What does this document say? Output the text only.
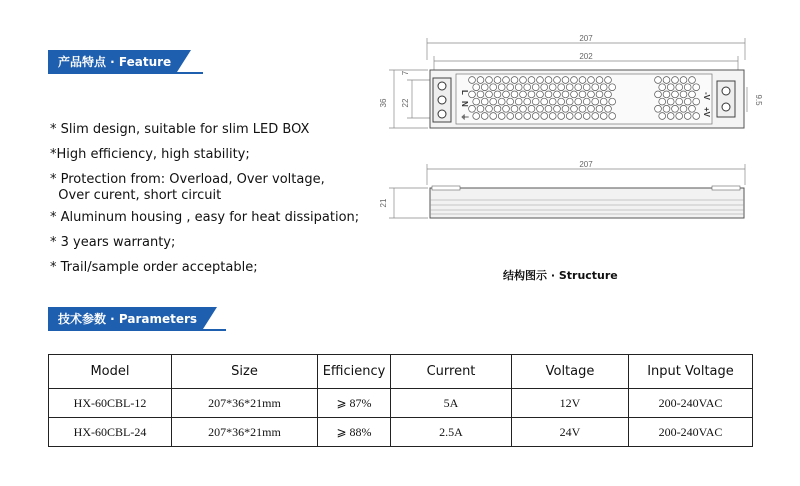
产品特点 · Feature
* Slim design, suitable for slim LED BOX
*High efficiency, high stability;
* Protection from: Overload, Over voltage,
Over curent, short circuit
* Aluminum housing , easy for heat dissipation;
* 3 years warranty;
* Trail/sample order acceptable;
207
202
36 22
7
9.5
207
21
L
N
⏚
-V
+V
结构图示 · Structure
技术参数 · Parameters
Model	Size	Efficiency	Current	Voltage	Input Voltage
HX-60CBL-12	207*36*21mm	⩾ 87%	5A	12V	200-240VAC
HX-60CBL-24	207*36*21mm	⩾ 88%	2.5A	24V	200-240VAC
